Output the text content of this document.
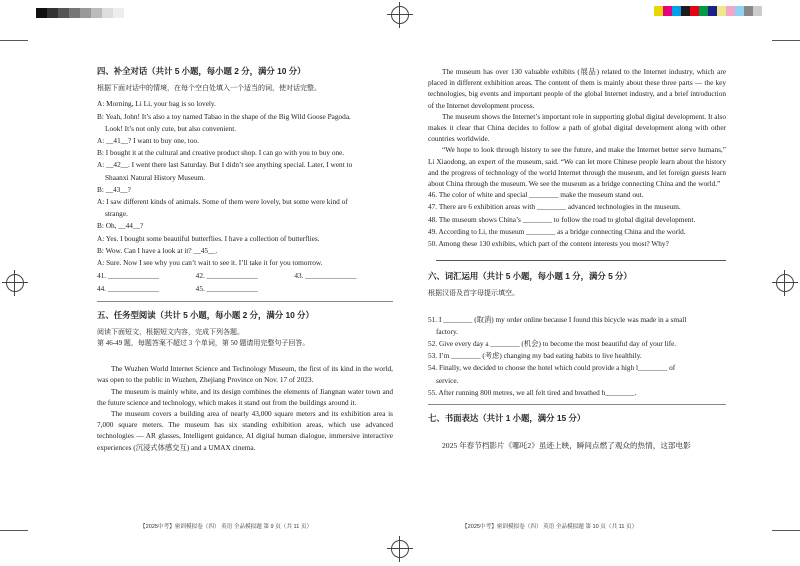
四、补全对话（共计 5 小题，每小题 2 分，满分 10 分）
根据下面对话中的情境，在每个空白处填入一个适当的词，使对话完整。
A: Morning, Li Li, your bag is so lovely.
B: Yeah, John! It’s also a toy named Tabao in the shape of the Big Wild Goose Pagoda.
Look! It’s not only cute, but also convenient.
A: __41__? I want to buy one, too.
B: I bought it at the cultural and creative product shop. I can go with you to buy one.
A: __42__. I went there last Saturday. But I didn’t see anything special. Later, I went to
Shaanxi Natural History Museum.
B: __43__?
A: I saw different kinds of animals. Some of them were lovely, but some were kind of
strange.
B: Oh, __44__?
A: Yes. I bought some beautiful butterflies. I have a collection of butterflies.
B: Wow. Can I have a look at it? __45__.
A: Sure. Now I see why you can’t wait to see it. I’ll take it for you tomorrow.
41. ______________	42. ______________	43. ______________
44. ______________	45. ______________
五、任务型阅读（共计 5 小题，每小题 2 分，满分 10 分）
阅读下面短文，根据短文内容，完成下列各题。
第 46-49 题，每题答案不超过 3 个单词，第 50 题请用完整句子回答。

The Wuzhen World Internet Science and Technology Museum, the first of its kind in the world, was open to the public in Wuzhen, Zhejiang Province on Nov. 17 of 2023.

The museum is mainly white, and its design combines the elements of Jiangnan water town and the future science and technology, which makes it stand out from the buildings around it.

The museum covers a building area of nearly 43,000 square meters and its exhibition area is 7,000 square meters. The museum has six standing exhibition areas, which use advanced technologies — AR glasses, Intelligent guidance, AI digital human dialogue, immersive interactive experiences (沉浸式体感交互) and a UMAX cinema.

【2025中考】密训模拟卷（四） 英语 全品模拟题 第 9 页（共 11 页）

The museum has over 130 valuable exhibits (展品) related to the Internet industry, which are placed in different exhibition areas. The content of them is mainly about these three parts — the key technologies, big events and important people of the global Internet industry, and a brief introduction of the Internet development process.

The museum shows the Internet’s important role in supporting global digital development. It also makes it clear that China decides to follow a path of global digital development along with other countries worldwide.

“We hope to look through history to see the future, and make the Internet better serve humans,” Li Xiaodong, an expert of the museum, said. “We can let more Chinese people learn about the history and the progress of technology of the world Internet through the museum, and let foreign guests learn about China through the museum. We see the museum as a bridge connecting China and the world.”

46. The color of white and special ________ make the museum stand out.
47. There are 6 exhibition areas with ________ advanced technologies in the museum.
48. The museum shows China’s ________ to follow the road to global digital development.
49. According to Li, the museum ________ as a bridge connecting China and the world.
50. Among these 130 exhibits, which part of the content interests you most? Why?
六、词汇运用（共计 5 小题，每小题 1 分，满分 5 分）
根据汉语及首字母提示填空。
51. I ________ (取消) my order online because I found this bicycle was made in a small
factory.
52. Give every day a ________ (机会) to become the most beautiful day of your life.
53. I’m ________ (考虑) changing my bad eating habits to live healthily.
54. Finally, we decided to choose the hotel which could provide a high l________ of
service.
55. After running 800 metres, we all felt tired and breathed h________.
七、书面表达（共计 1 小题，满分 15 分）
2025 年春节档影片《哪吒2》虽迹上映，瞬间点燃了观众的热情，这部电影
【2025中考】密训模拟卷（四） 英语 全品模拟题 第 10 页（共 11 页）
